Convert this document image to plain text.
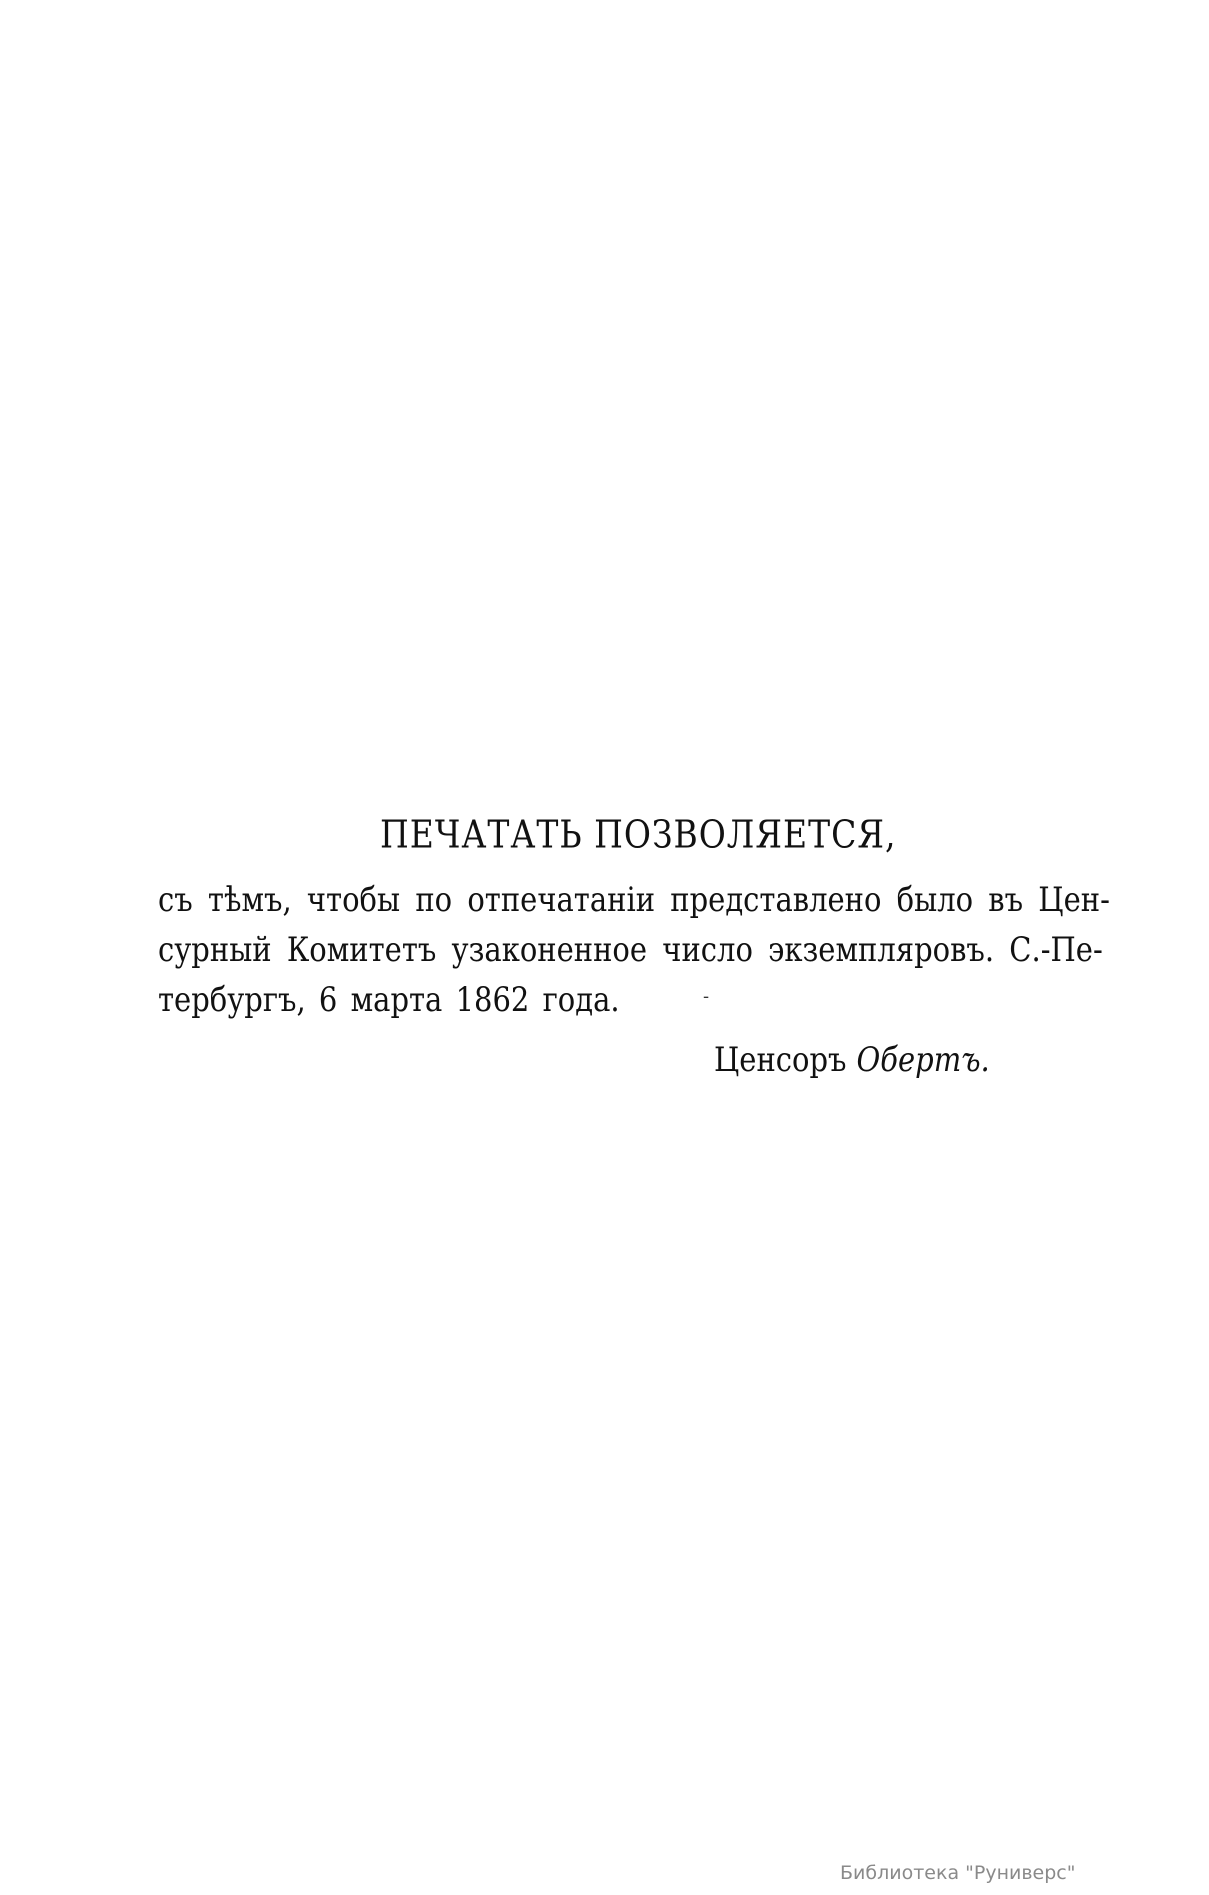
ПЕЧАТАТЬ ПОЗВОЛЯЕТСЯ,
съ тѣмъ, чтобы по отпечатаніи представлено было въ Цен-
сурный Комитетъ узаконенное число экземпляровъ. С.-Пе-
тербургъ, 6 марта 1862 года.	‐
Ценсоръ Обертъ.
Библиотека "Руниверс"
